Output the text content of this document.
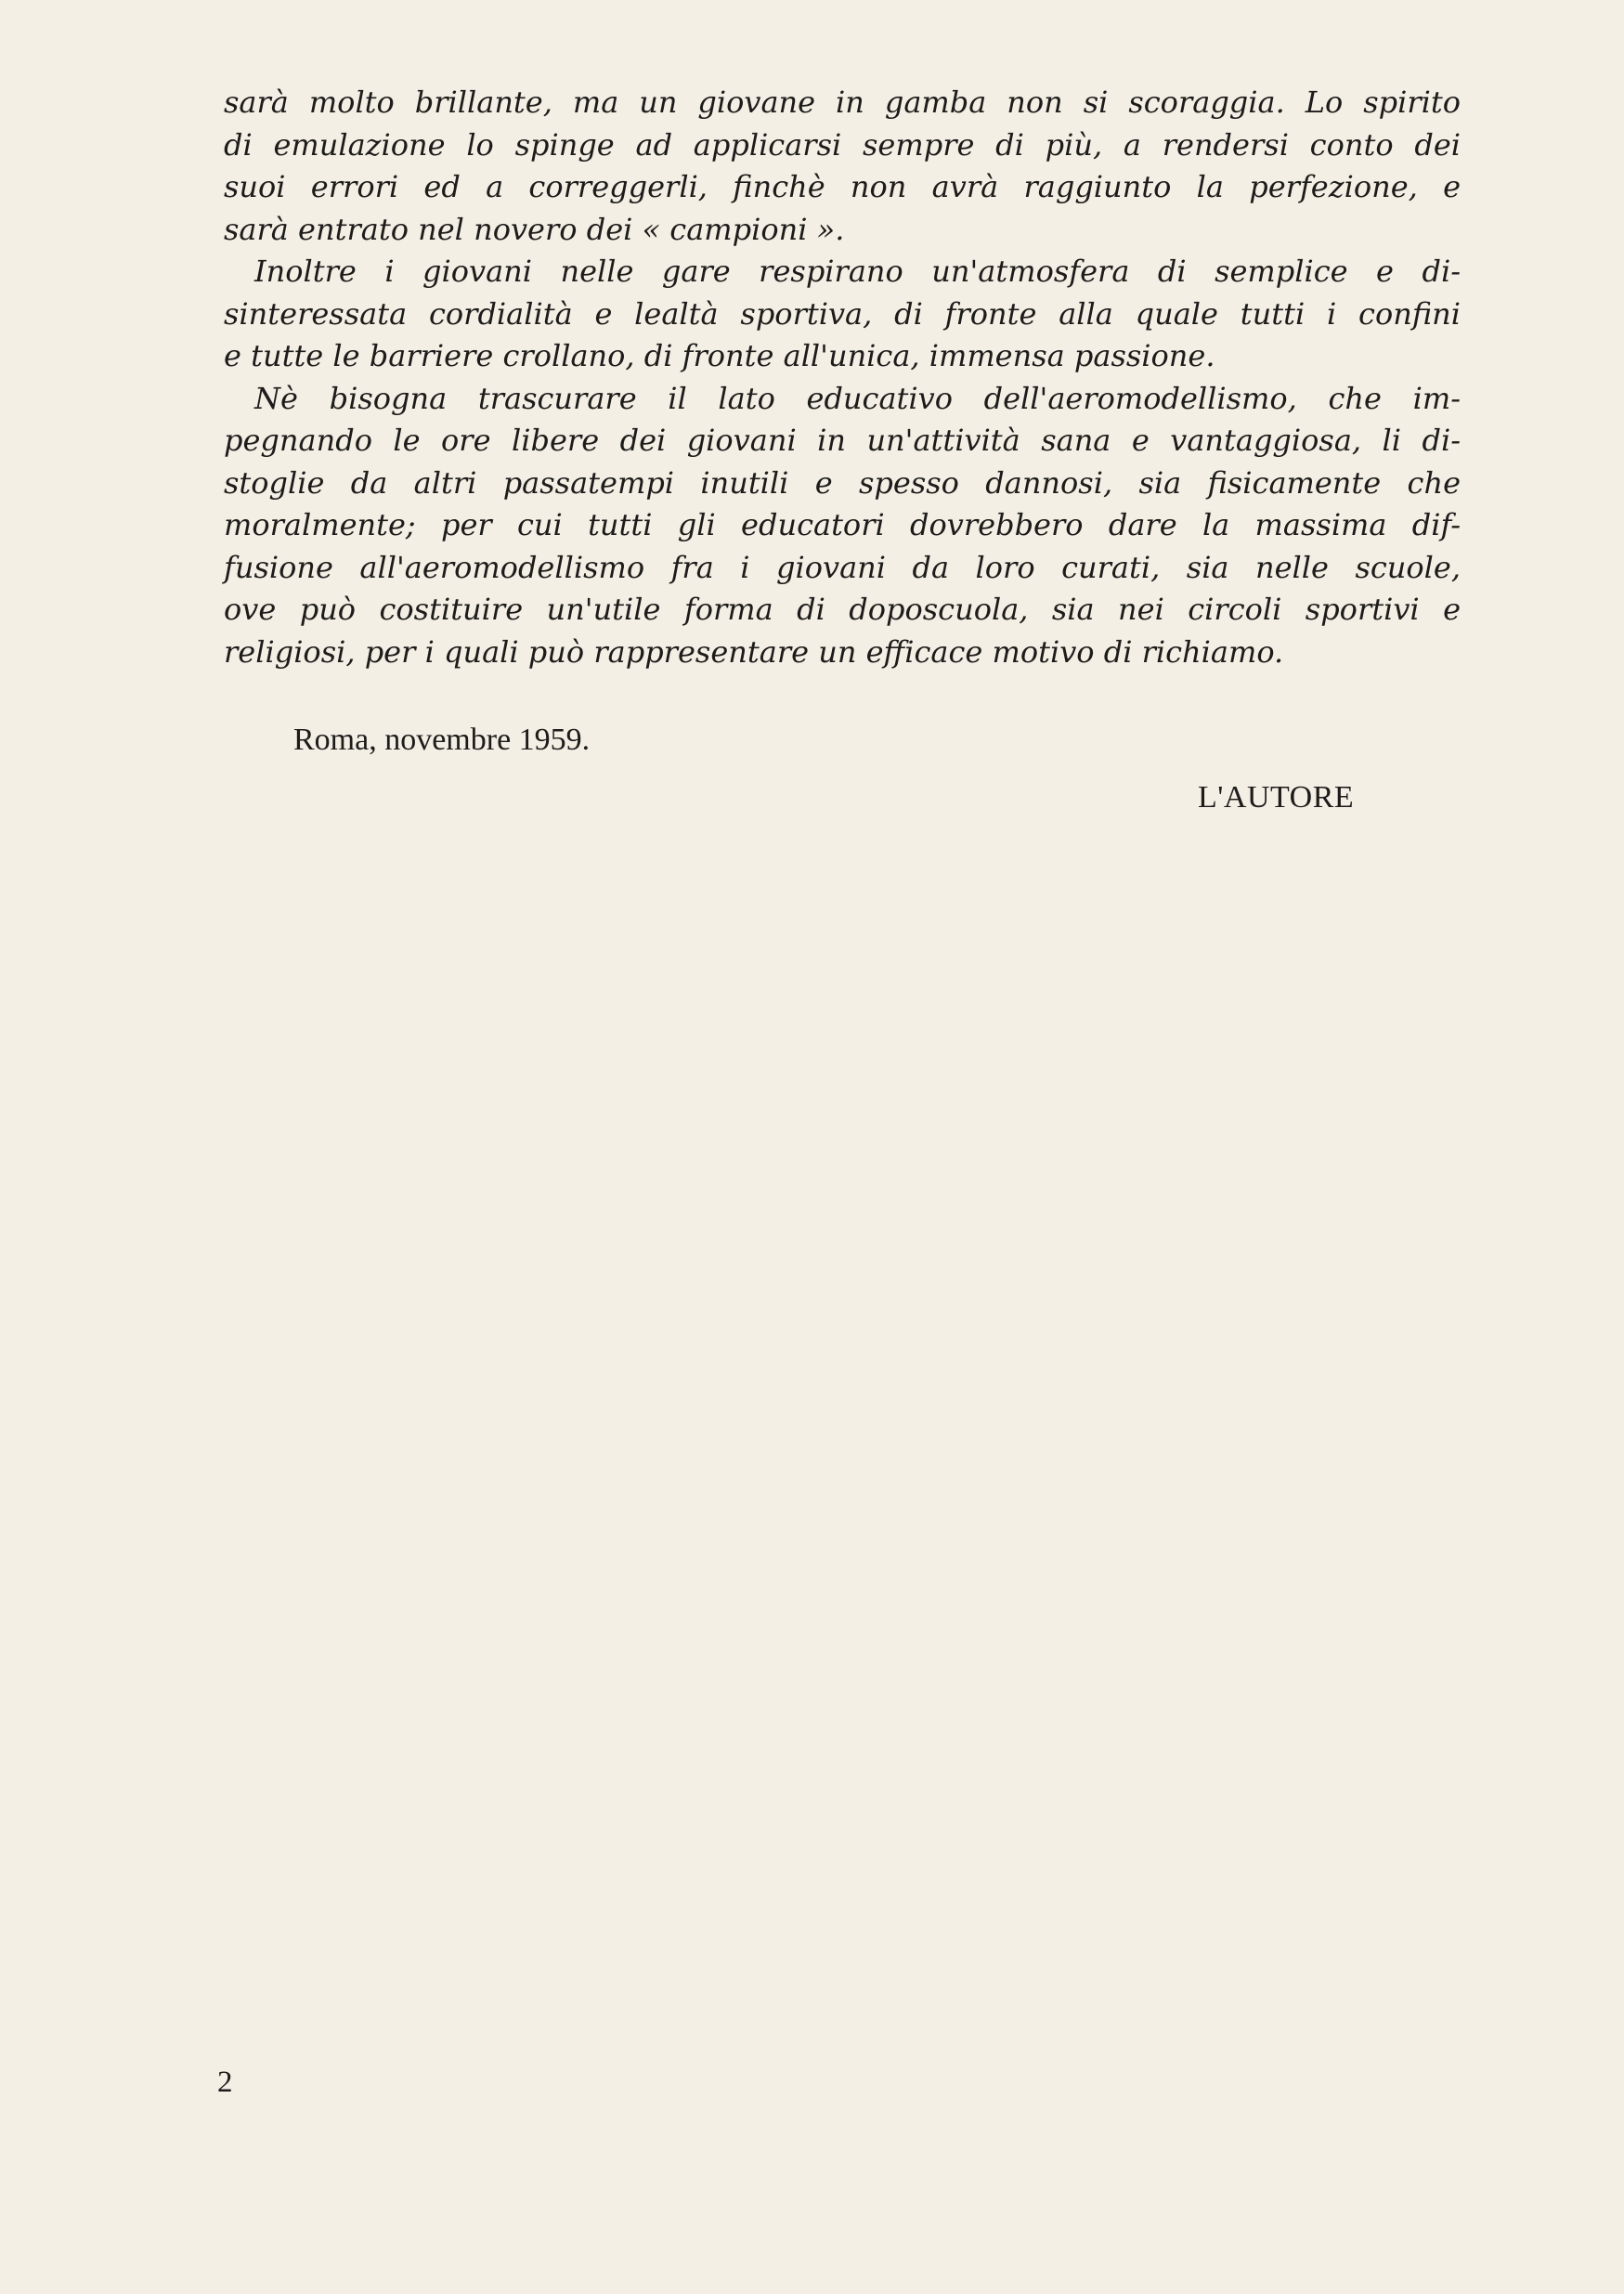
sarà molto brillante, ma un giovane in gamba non si scoraggia. Lo spirito
di emulazione lo spinge ad applicarsi sempre di più, a rendersi conto dei
suoi errori ed a correggerli, finchè non avrà raggiunto la perfezione, e
sarà entrato nel novero dei « campioni ».
Inoltre i giovani nelle gare respirano un'atmosfera di semplice e di-
sinteressata cordialità e lealtà sportiva, di fronte alla quale tutti i confini
e tutte le barriere crollano, di fronte all'unica, immensa passione.
Nè bisogna trascurare il lato educativo dell'aeromodellismo, che im-
pegnando le ore libere dei giovani in un'attività sana e vantaggiosa, li di-
stoglie da altri passatempi inutili e spesso dannosi, sia fisicamente che
moralmente; per cui tutti gli educatori dovrebbero dare la massima dif-
fusione all'aeromodellismo fra i giovani da loro curati, sia nelle scuole,
ove può costituire un'utile forma di doposcuola, sia nei circoli sportivi e
religiosi, per i quali può rappresentare un efficace motivo di richiamo.
Roma, novembre 1959.
L'AUTORE
2
